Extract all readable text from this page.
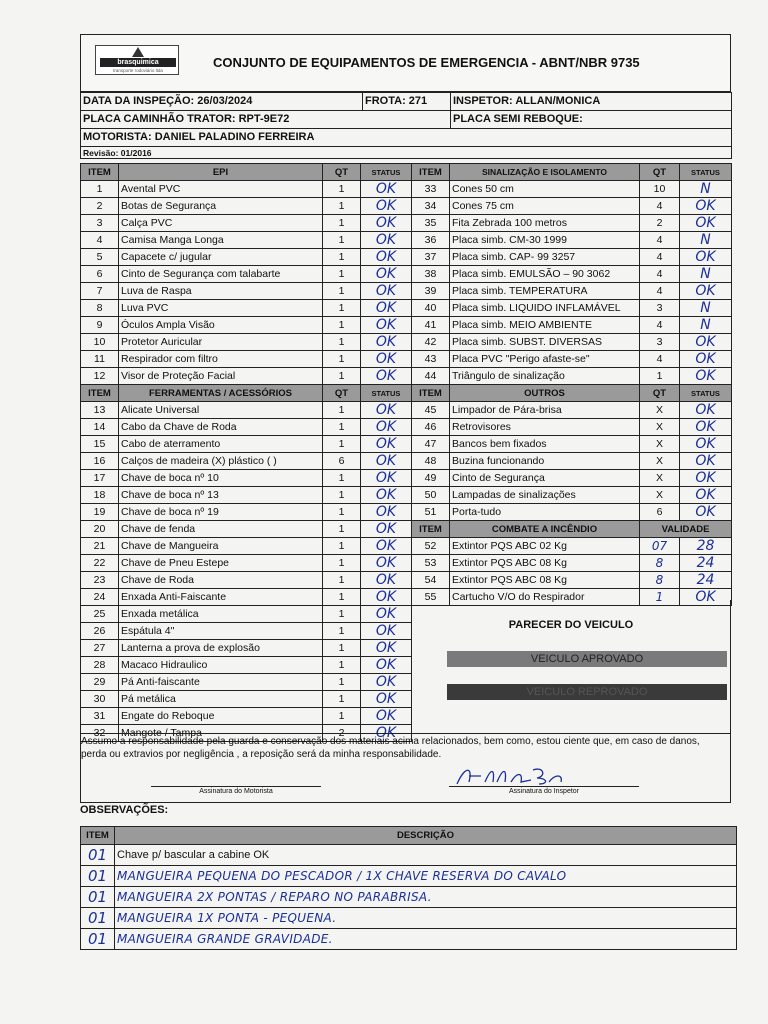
brasquimica
transporte rodoviário ltda
CONJUNTO DE EQUIPAMENTOS DE EMERGENCIA - ABNT/NBR 9735
DATA DA INSPEÇÃO: 26/03/2024	FROTA: 271	INSPETOR: ALLAN/MONICA
PLACA CAMINHÃO TRATOR: RPT-9E72		PLACA SEMI REBOQUE:
MOTORISTA: DANIEL PALADINO FERREIRA		
Revisão: 01/2016		
ITEM	EPI	QT	STATUS
1	Avental PVC	1	OK
2	Botas de Segurança	1	OK
3	Calça PVC	1	OK
4	Camisa Manga Longa	1	OK
5	Capacete c/ jugular	1	OK
6	Cinto de Segurança com talabarte	1	OK
7	Luva de Raspa	1	OK
8	Luva PVC	1	OK
9	Óculos Ampla Visão	1	OK
10	Protetor Auricular	1	OK
11	Respirador com filtro	1	OK
12	Visor de Proteção Facial	1	OK
ITEM	FERRAMENTAS / ACESSÓRIOS	QT	STATUS
13	Alicate Universal	1	OK
14	Cabo da Chave de Roda	1	OK
15	Cabo de aterramento	1	OK
16	Calços de madeira (X) plástico ( )	6	OK
17	Chave de boca nº 10	1	OK
18	Chave de boca nº 13	1	OK
19	Chave de boca nº 19	1	OK
20	Chave de fenda	1	OK
21	Chave de Mangueira	1	OK
22	Chave de Pneu Estepe	1	OK
23	Chave de Roda	1	OK
24	Enxada Anti-Faiscante	1	OK
25	Enxada metálica	1	OK
26	Espátula 4"	1	OK
27	Lanterna a prova de explosão	1	OK
28	Macaco Hidraulico	1	OK
29	Pá Anti-faiscante	1	OK
30	Pá metálica	1	OK
31	Engate do Reboque	1	OK
32	Mangote / Tampa	2	OK
ITEM	SINALIZAÇÃO E ISOLAMENTO	QT	STATUS
33	Cones 50 cm	10	N
34	Cones 75 cm	4	OK
35	Fita Zebrada 100 metros	2	OK
36	Placa simb. CM-30 1999	4	N
37	Placa simb. CAP- 99 3257	4	OK
38	Placa simb. EMULSÃO – 90 3062	4	N
39	Placa simb. TEMPERATURA	4	OK
40	Placa simb. LIQUIDO INFLAMÁVEL	3	N
41	Placa simb. MEIO AMBIENTE	4	N
42	Placa simb. SUBST. DIVERSAS	3	OK
43	Placa PVC "Perigo afaste-se"	4	OK
44	Triângulo de sinalização	1	OK
ITEM	OUTROS	QT	STATUS
45	Limpador de Pára-brisa	X	OK
46	Retrovisores	X	OK
47	Bancos bem fixados	X	OK
48	Buzina funcionando	X	OK
49	Cinto de Segurança	X	OK
50	Lampadas de sinalizações	X	OK
51	Porta-tudo	6	OK
ITEM	COMBATE A INCÊNDIO	VALIDADE	
52	Extintor PQS ABC 02 Kg	07	28
53	Extintor PQS ABC 08 Kg	8	24
54	Extintor PQS ABC 08 Kg	8	24
55	Cartucho V/O do Respirador	1	OK
PARECER DO VEICULO
VEICULO APROVADO
VEICULO REPROVADO
Assumo a responsabilidade pela guarda e conservação dos materiais acima relacionados, bem como, estou ciente que, em caso de danos, perda ou extravios por negligência , a reposição será da minha responsabilidade.
Assinatura do Motorista	Assinatura do Inspetor
OBSERVAÇÕES:
ITEM	DESCRIÇÃO
01	Chave p/ bascular a cabine OK
01	MANGUEIRA PEQUENA DO PESCADOR / 1X CHAVE RESERVA DO CAVALO
01	MANGUEIRA 2X PONTAS / REPARO NO PARABRISA.
01	MANGUEIRA 1X PONTA - PEQUENA.
01	MANGUEIRA GRANDE GRAVIDADE.
